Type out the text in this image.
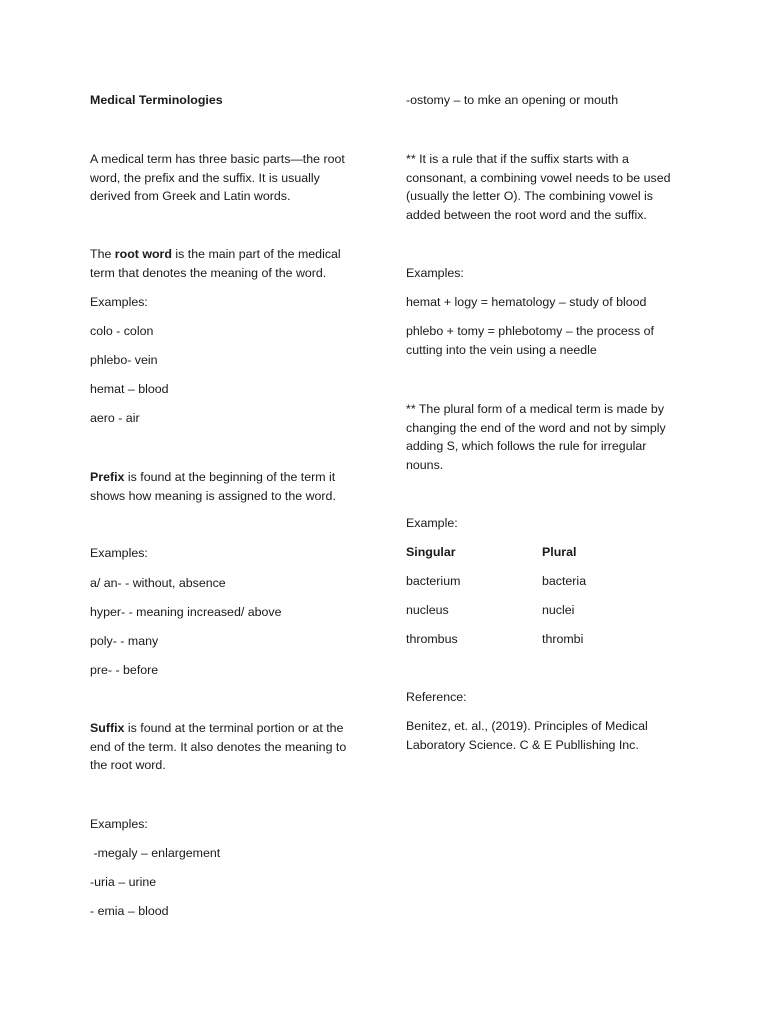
Medical Terminologies

A medical term has three basic parts—the root word, the prefix and the suffix. It is usually derived from Greek and Latin words.

The root word is the main part of the medical term that denotes the meaning of the word.

Examples:

colo - colon

phlebo- vein

hemat – blood

aero - air

Prefix is found at the beginning of the term it shows how meaning is assigned to the word.

Examples:

a/ an- - without, absence

hyper- - meaning increased/ above

poly- - many

pre- - before

Suffix is found at the terminal portion or at the end of the term. It also denotes the meaning to the root word.

Examples:

-megaly – enlargement

-uria – urine

- emia – blood

-ostomy – to mke an opening or mouth

** It is a rule that if the suffix starts with a consonant, a combining vowel needs to be used (usually the letter O). The combining vowel is added between the root word and the suffix.

Examples:

hemat + logy = hematology – study of blood

phlebo + tomy = phlebotomy – the process of cutting into the vein using a needle

** The plural form of a medical term is made by changing the end of the word and not by simply adding S, which follows the rule for irregular nouns.

Example:

Singular	Plural
bacterium	bacteria
nucleus	nuclei
thrombus	thrombi

Reference:

Benitez, et. al., (2019). Principles of Medical Laboratory Science. C & E Publlishing Inc.
